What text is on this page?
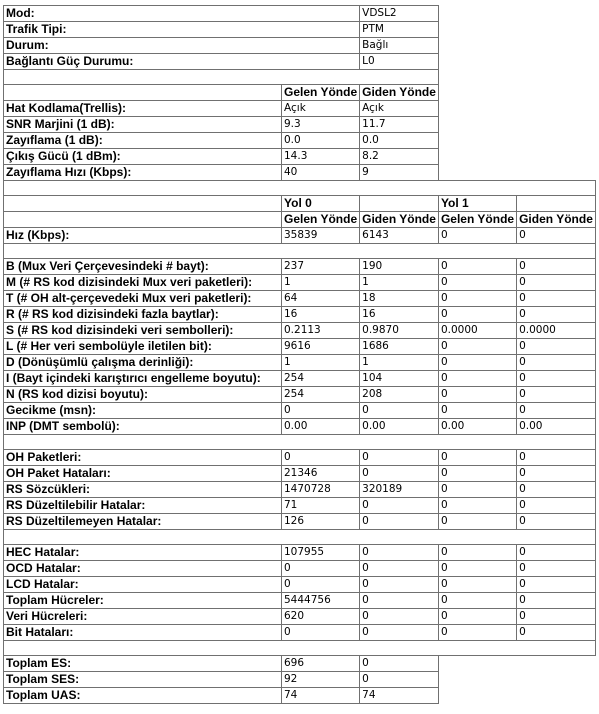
Mod:		VDSL2		
Trafik Tipi:		PTM		
Durum:		Bağlı		
Bağlantı Güç Durumu:		L0		

	Gelen Yönde	Giden Yönde		
Hat Kodlama(Trellis):	Açık	Açık		
SNR Marjini (1 dB):	9.3	11.7		
Zayıflama (1 dB):	0.0	0.0		
Çıkış Gücü (1 dBm):	14.3	8.2		
Zayıflama Hızı (Kbps):	40	9		

	Yol 0		Yol 1	
	Gelen Yönde	Giden Yönde	Gelen Yönde	Giden Yönde
Hız (Kbps):	35839	6143	0	0

B (Mux Veri Çerçevesindeki # bayt):	237	190	0	0
M (# RS kod dizisindeki Mux veri paketleri):	1	1	0	0
T (# OH alt-çerçevedeki Mux veri paketleri):	64	18	0	0
R (# RS kod dizisindeki fazla baytlar):	16	16	0	0
S (# RS kod dizisindeki veri sembolleri):	0.2113	0.9870	0.0000	0.0000
L (# Her veri sembolüyle iletilen bit):	9616	1686	0	0
D (Dönüşümlü çalışma derinliği):	1	1	0	0
I (Bayt içindeki karıştırıcı engelleme boyutu):	254	104	0	0
N (RS kod dizisi boyutu):	254	208	0	0
Gecikme (msn):	0	0	0	0
INP (DMT sembolü):	0.00	0.00	0.00	0.00

OH Paketleri:	0	0	0	0
OH Paket Hataları:	21346	0	0	0
RS Sözcükleri:	1470728	320189	0	0
RS Düzeltilebilir Hatalar:	71	0	0	0
RS Düzeltilemeyen Hatalar:	126	0	0	0

HEC Hatalar:	107955	0	0	0
OCD Hatalar:	0	0	0	0
LCD Hatalar:	0	0	0	0
Toplam Hücreler:	5444756	0	0	0
Veri Hücreleri:	620	0	0	0
Bit Hataları:	0	0	0	0

Toplam ES:	696	0		
Toplam SES:	92	0		
Toplam UAS:	74	74		
